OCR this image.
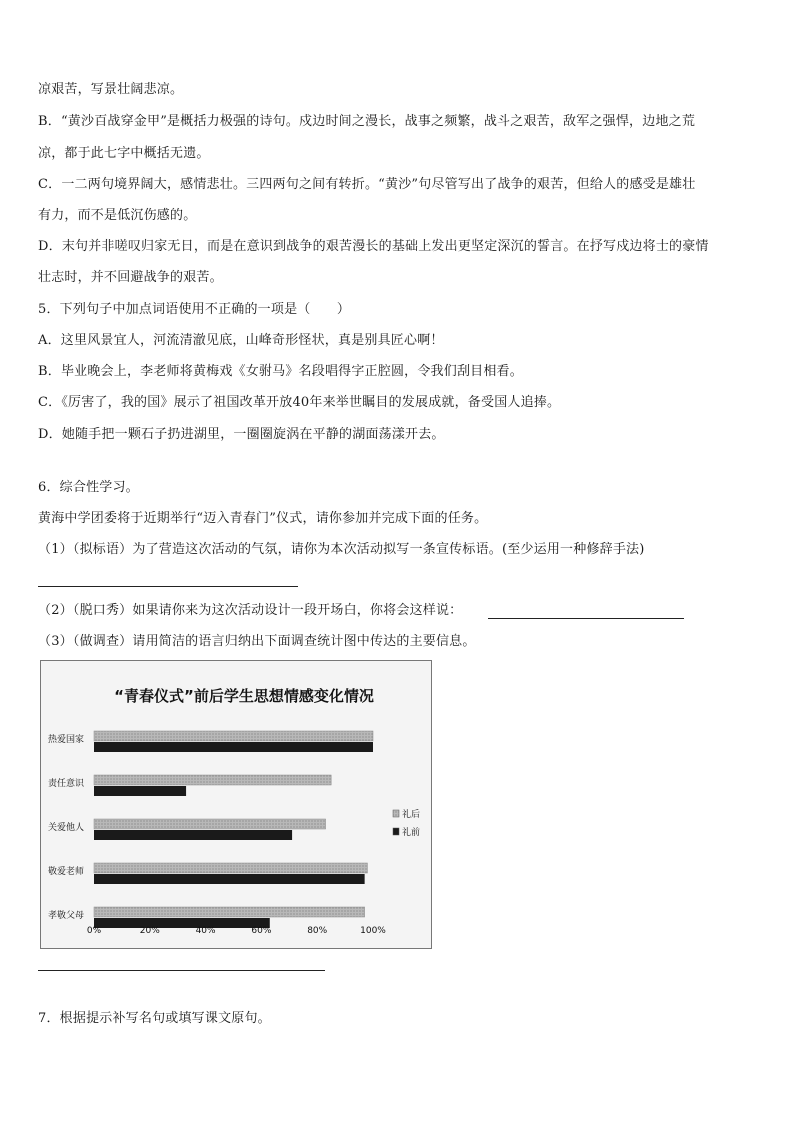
凉艰苦，写景壮阔悲凉。
B．“黄沙百战穿金甲”是概括力极强的诗句。戍边时间之漫长，战事之频繁，战斗之艰苦，敌军之强悍，边地之荒
凉，都于此七字中概括无遗。
C．一二两句境界阔大，感情悲壮。三四两句之间有转折。“黄沙”句尽管写出了战争的艰苦，但给人的感受是雄壮
有力，而不是低沉伤感的。
D．末句并非嗟叹归家无日，而是在意识到战争的艰苦漫长的基础上发出更坚定深沉的誓言。在抒写戍边将士的豪情
壮志时，并不回避战争的艰苦。
5．下列句子中加点词语使用不正确的一项是（　　）
A．这里风景宜人，河流清澈见底，山峰奇形怪状，真是别具匠心啊！
B．毕业晚会上，李老师将黄梅戏《女驸马》名段唱得字正腔圆，令我们刮目相看。
C．《厉害了，我的国》展示了祖国改革开放40年来举世瞩目的发展成就，备受国人追捧。
D．她随手把一颗石子扔进湖里，一圈圈旋涡在平静的湖面荡漾开去。
6．综合性学习。
黄海中学团委将于近期举行“迈入青春门”仪式，请你参加并完成下面的任务。
（1）（拟标语）为了营造这次活动的气氛，请你为本次活动拟写一条宣传标语。(至少运用一种修辞手法)
（2）（脱口秀）如果请你来为这次活动设计一段开场白，你将会这样说：
（3）（做调查）请用简洁的语言归纳出下面调查统计图中传达的主要信息。
“青春仪式”前后学生思想情感变化情况
热爱国家
责任意识
关爱他人
敬爱老师
孝敬父母
0%	20%	40%	60%	80%	100%
礼后
礼前
7．根据提示补写名句或填写课文原句。
